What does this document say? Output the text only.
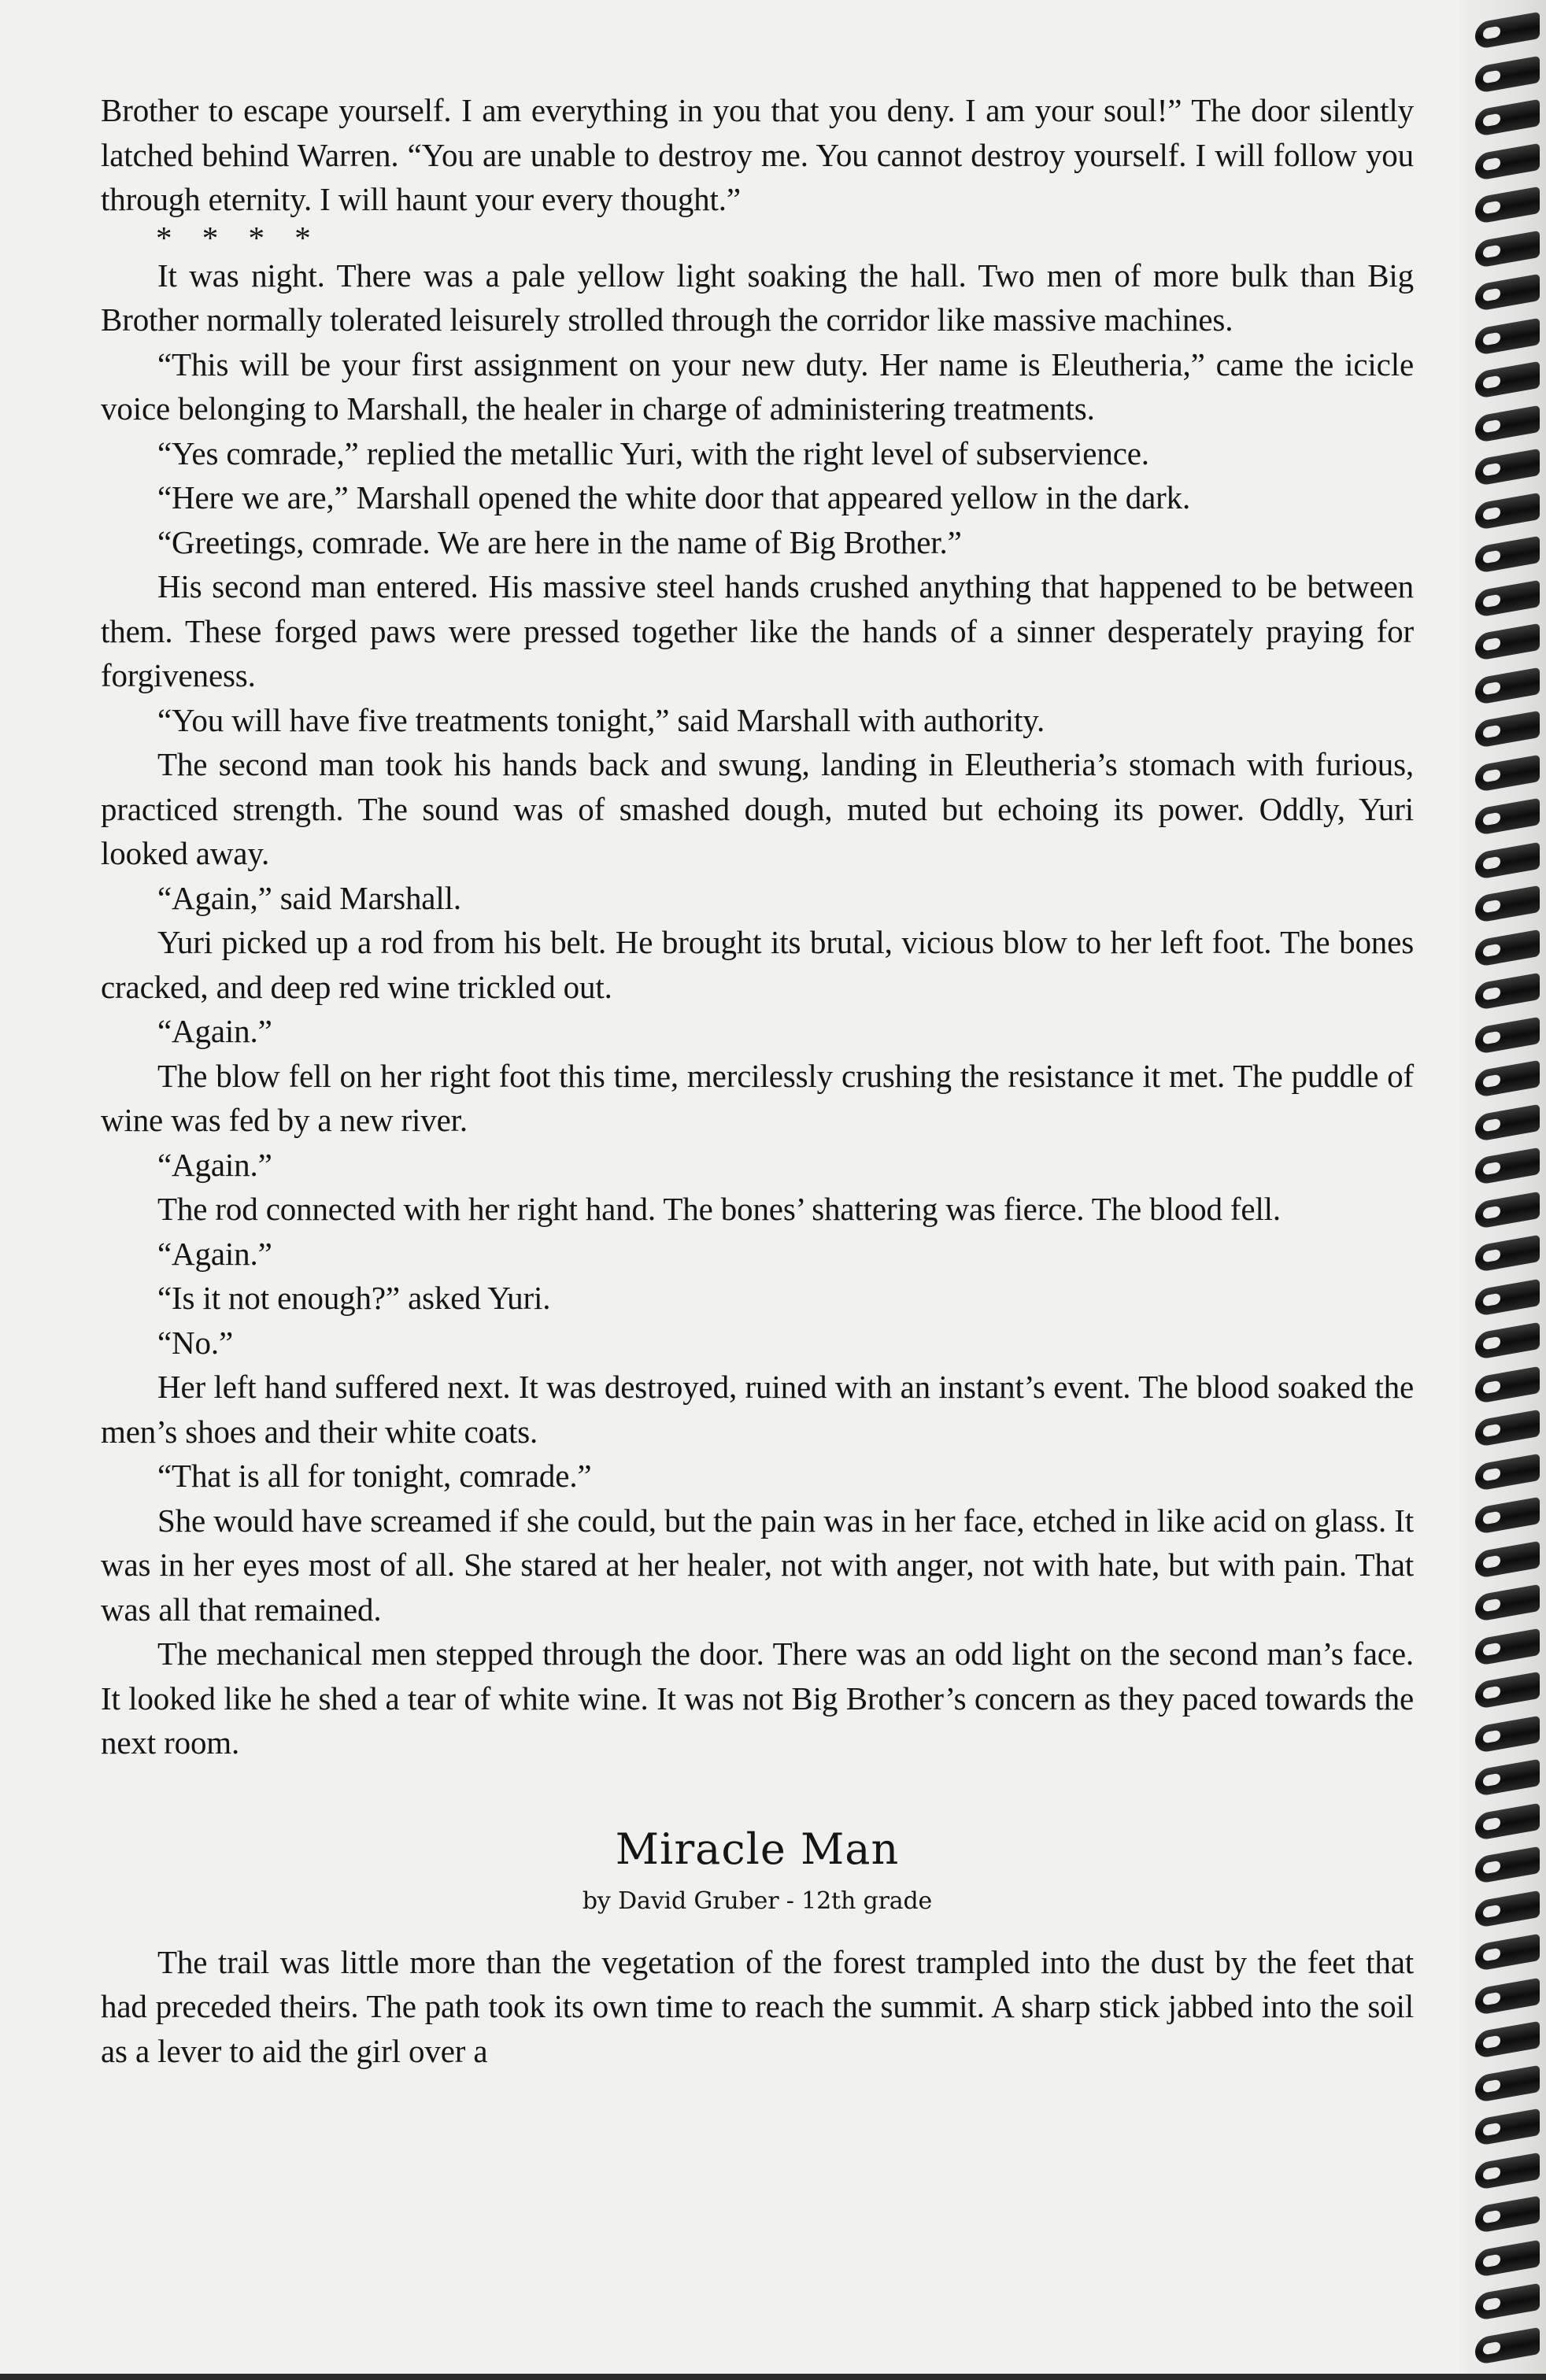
Brother to escape yourself. I am everything in you that you deny. I am your soul!” The door silently latched behind Warren. “You are unable to destroy me. You cannot destroy yourself. I will follow you through eternity. I will haunt your every thought.”

* * * *

It was night. There was a pale yellow light soaking the hall. Two men of more bulk than Big Brother normally tolerated leisurely strolled through the corridor like massive machines.

“This will be your first assignment on your new duty. Her name is Eleutheria,” came the icicle voice belonging to Marshall, the healer in charge of administering treatments.

“Yes comrade,” replied the metallic Yuri, with the right level of subservience.

“Here we are,” Marshall opened the white door that appeared yellow in the dark.

“Greetings, comrade. We are here in the name of Big Brother.”

His second man entered. His massive steel hands crushed anything that happened to be between them. These forged paws were pressed together like the hands of a sinner desperately praying for forgiveness.

“You will have five treatments tonight,” said Marshall with authority.

The second man took his hands back and swung, landing in Eleutheria’s stomach with furious, practiced strength. The sound was of smashed dough, muted but echoing its power. Oddly, Yuri looked away.

“Again,” said Marshall.

Yuri picked up a rod from his belt. He brought its brutal, vicious blow to her left foot. The bones cracked, and deep red wine trickled out.

“Again.”

The blow fell on her right foot this time, mercilessly crushing the resistance it met. The puddle of wine was fed by a new river.

“Again.”

The rod connected with her right hand. The bones’ shattering was fierce. The blood fell.

“Again.”

“Is it not enough?” asked Yuri.

“No.”

Her left hand suffered next. It was destroyed, ruined with an instant’s event. The blood soaked the men’s shoes and their white coats.

“That is all for tonight, comrade.”

She would have screamed if she could, but the pain was in her face, etched in like acid on glass. It was in her eyes most of all. She stared at her healer, not with anger, not with hate, but with pain. That was all that remained.

The mechanical men stepped through the door. There was an odd light on the second man’s face. It looked like he shed a tear of white wine. It was not Big Brother’s concern as they paced towards the next room.

Miracle Man
by David Gruber - 12th grade

The trail was little more than the vegetation of the forest trampled into the dust by the feet that had preceded theirs. The path took its own time to reach the summit. A sharp stick jabbed into the soil as a lever to aid the girl over a
